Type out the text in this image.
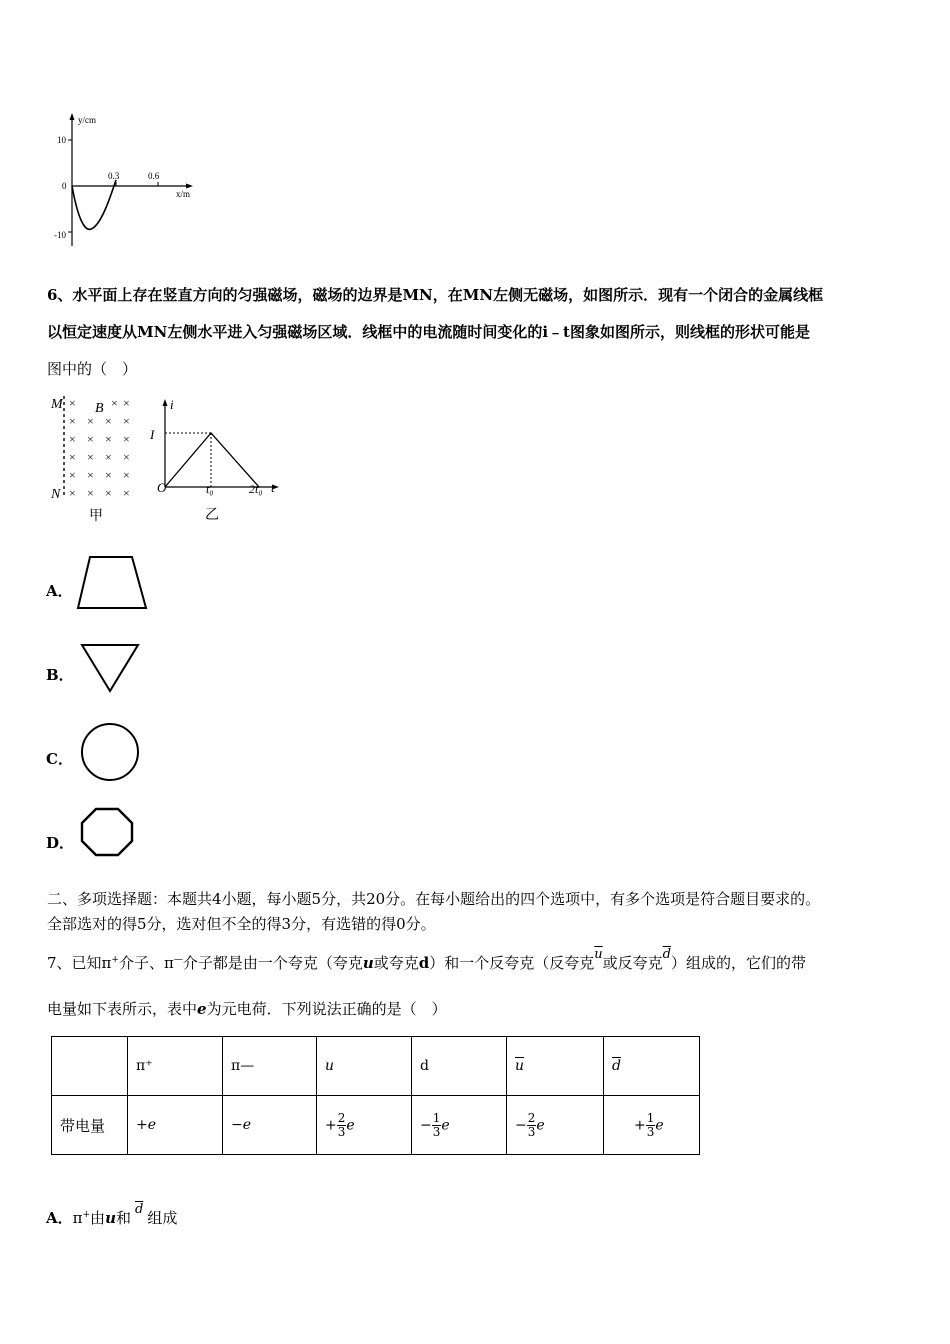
y/cm
x/m
10
0
-10
0.3	0.6
6、水平面上存在竖直方向的匀强磁场，磁场的边界是MN，在MN左侧无磁场，如图所示．现有一个闭合的金属线框
以恒定速度从MN左侧水平进入匀强磁场区域．线框中的电流随时间变化的i﹣t图象如图所示，则线框的形状可能是
图中的（　）
M
N
B
×	× ×
× × × ×
× × × ×
× × × ×
× × × ×
× × × ×
甲
i
t
I
O	t₀	2t₀
乙
A．
B．
C．
D．
二、多项选择题：本题共4小题，每小题5分，共20分。在每小题给出的四个选项中，有多个选项是符合题目要求的。
全部选对的得5分，选对但不全的得3分，有选错的得0分。
7、已知π+介子、π—介子都是由一个夸克（夸克u或夸克d）和一个反夸克（反夸克$\overline{u}$或反夸克$\overline{d}$）组成的，它们的带
电量如下表所示，表中e为元电荷．下列说法正确的是（　）
	π⁺	π—	u	d	$\overline{u}$	$\overline{d}$
带电量	+e	−e	+ $\frac{2}{3}$ e	− $\frac{1}{3}$ e	− $\frac{2}{3}$ e	+ $\frac{1}{3}$ e
A．π+由u和 $\overline{d}$ 组成
